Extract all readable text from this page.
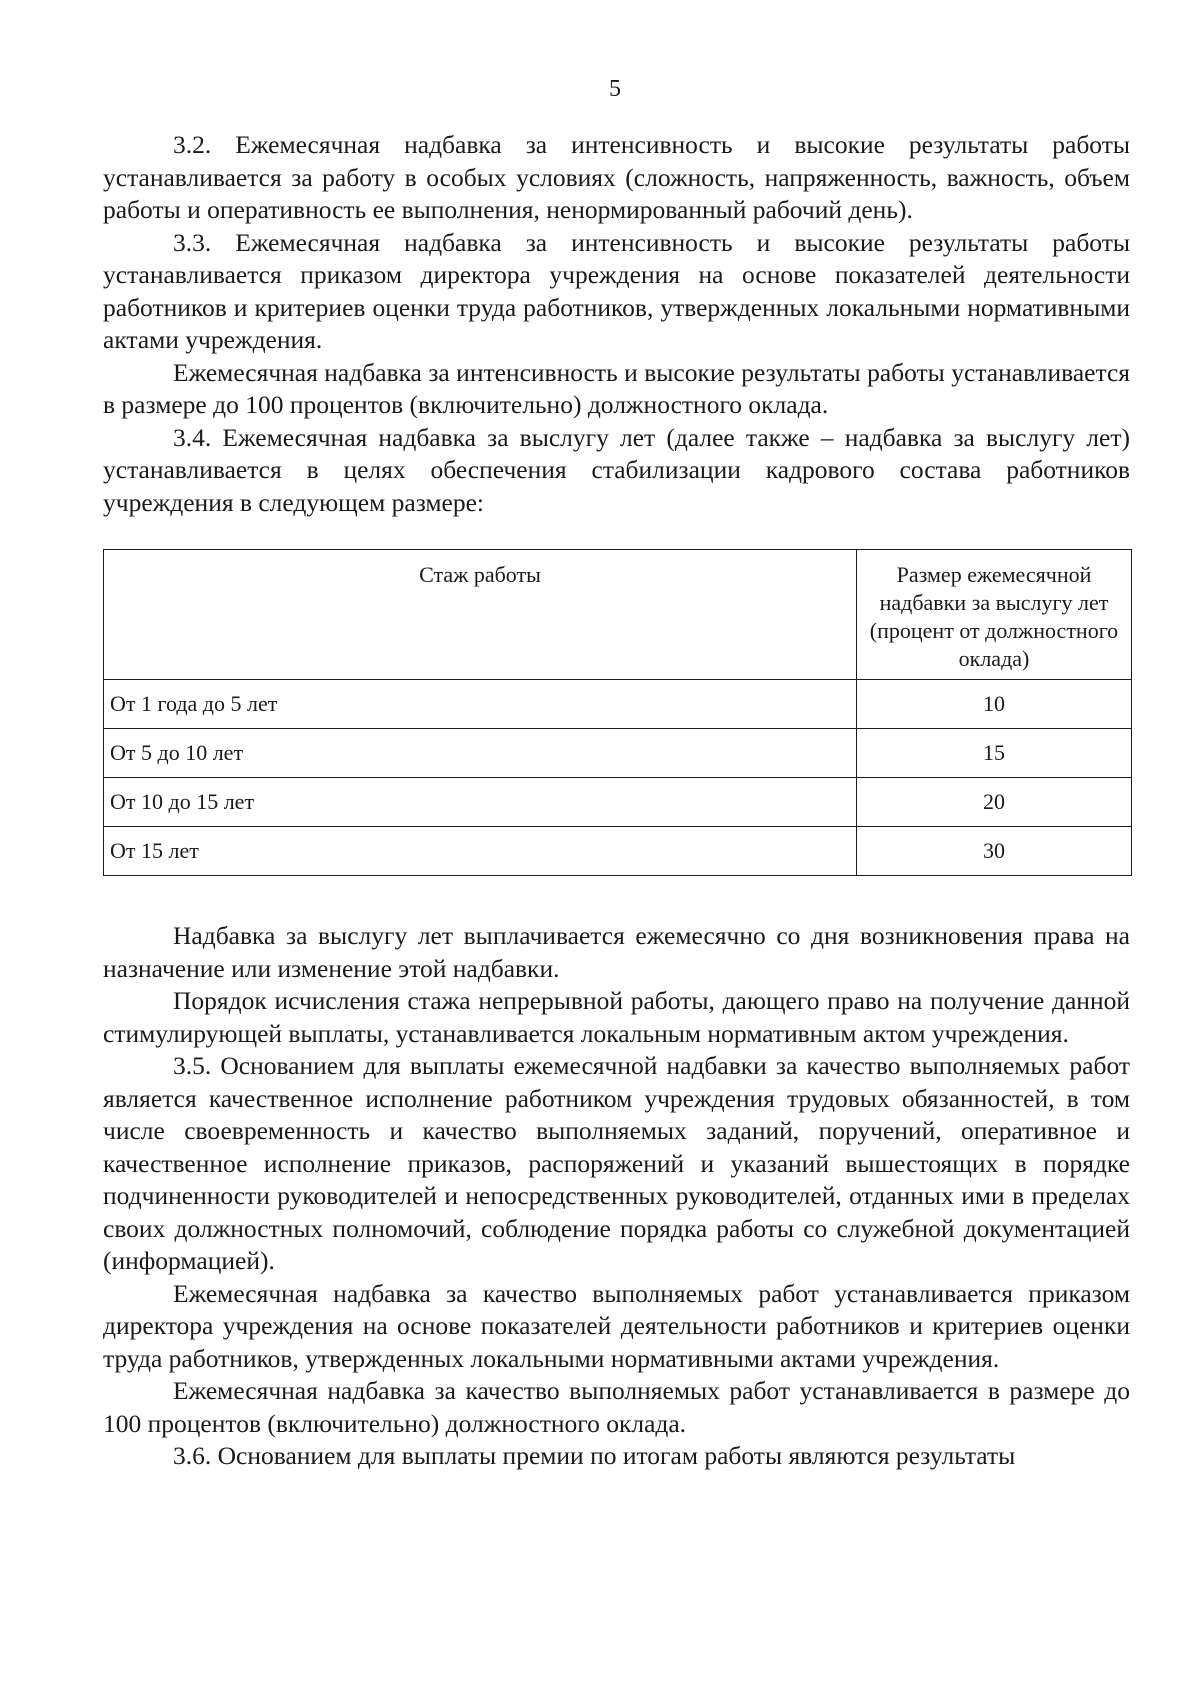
5

3.2. Ежемесячная надбавка за интенсивность и высокие результаты работы устанавливается за работу в особых условиях (сложность, напряженность, важность, объем работы и оперативность ее выполнения, ненормированный рабочий день).

3.3. Ежемесячная надбавка за интенсивность и высокие результаты работы устанавливается приказом директора учреждения на основе показателей деятельности работников и критериев оценки труда работников, утвержденных локальными нормативными актами учреждения.

Ежемесячная надбавка за интенсивность и высокие результаты работы устанавливается в размере до 100 процентов (включительно) должностного оклада.

3.4. Ежемесячная надбавка за выслугу лет (далее также – надбавка за выслугу лет) устанавливается в целях обеспечения стабилизации кадрового состава работников учреждения в следующем размере:

Стаж работы	Размер ежемесячной надбавки за выслугу лет (процент от должностного оклада)
От 1 года до 5 лет	10
От 5 до 10 лет	15
От 10 до 15 лет	20
От 15 лет	30

Надбавка за выслугу лет выплачивается ежемесячно со дня возникновения права на назначение или изменение этой надбавки.

Порядок исчисления стажа непрерывной работы, дающего право на получение данной стимулирующей выплаты, устанавливается локальным нормативным актом учреждения.

3.5. Основанием для выплаты ежемесячной надбавки за качество выполняемых работ является качественное исполнение работником учреждения трудовых обязанностей, в том числе своевременность и качество выполняемых заданий, поручений, оперативное и качественное исполнение приказов, распоряжений и указаний вышестоящих в порядке подчиненности руководителей и непосредственных руководителей, отданных ими в пределах своих должностных полномочий, соблюдение порядка работы со служебной документацией (информацией).

Ежемесячная надбавка за качество выполняемых работ устанавливается приказом директора учреждения на основе показателей деятельности работников и критериев оценки труда работников, утвержденных локальными нормативными актами учреждения.

Ежемесячная надбавка за качество выполняемых работ устанавливается в размере до 100 процентов (включительно) должностного оклада.

3.6. Основанием для выплаты премии по итогам работы являются результаты
